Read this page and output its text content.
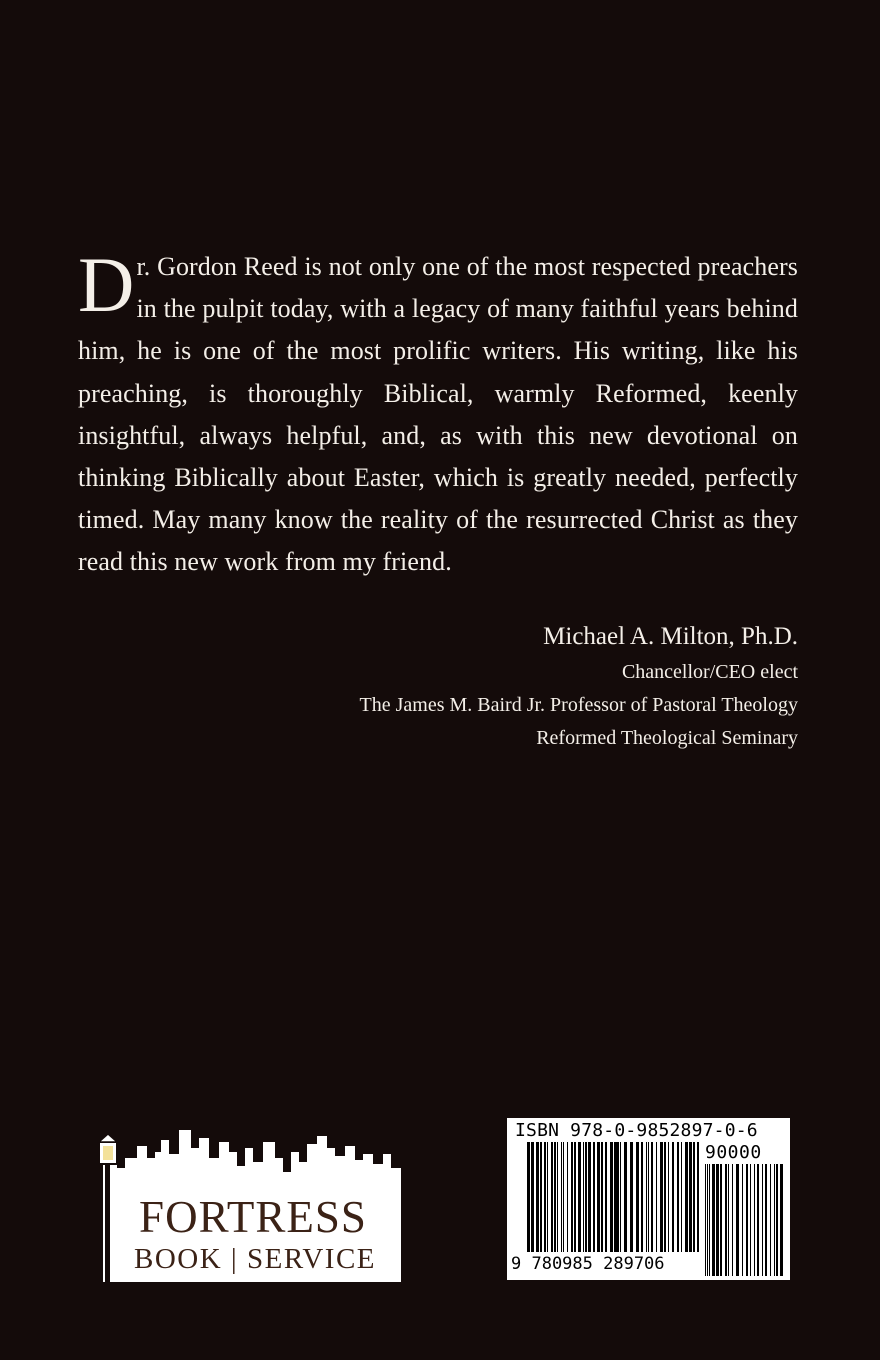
Dr. Gordon Reed is not only one of the most respected preachers in the pulpit today, with a legacy of many faithful years behind him, he is one of the most prolific writers. His writing, like his preaching, is thoroughly Biblical, warmly Reformed, keenly insightful, always helpful, and, as with this new devotional on thinking Biblically about Easter, which is greatly needed, perfectly timed. May many know the reality of the resurrected Christ as they read this new work from my friend.

Michael A. Milton, Ph.D.
Chancellor/CEO elect
The James M. Baird Jr. Professor of Pastoral Theology
Reformed Theological Seminary
FORTRESS
BOOK | SERVICE
ISBN 978-0-9852897-0-6
90000
9 780985 289706
